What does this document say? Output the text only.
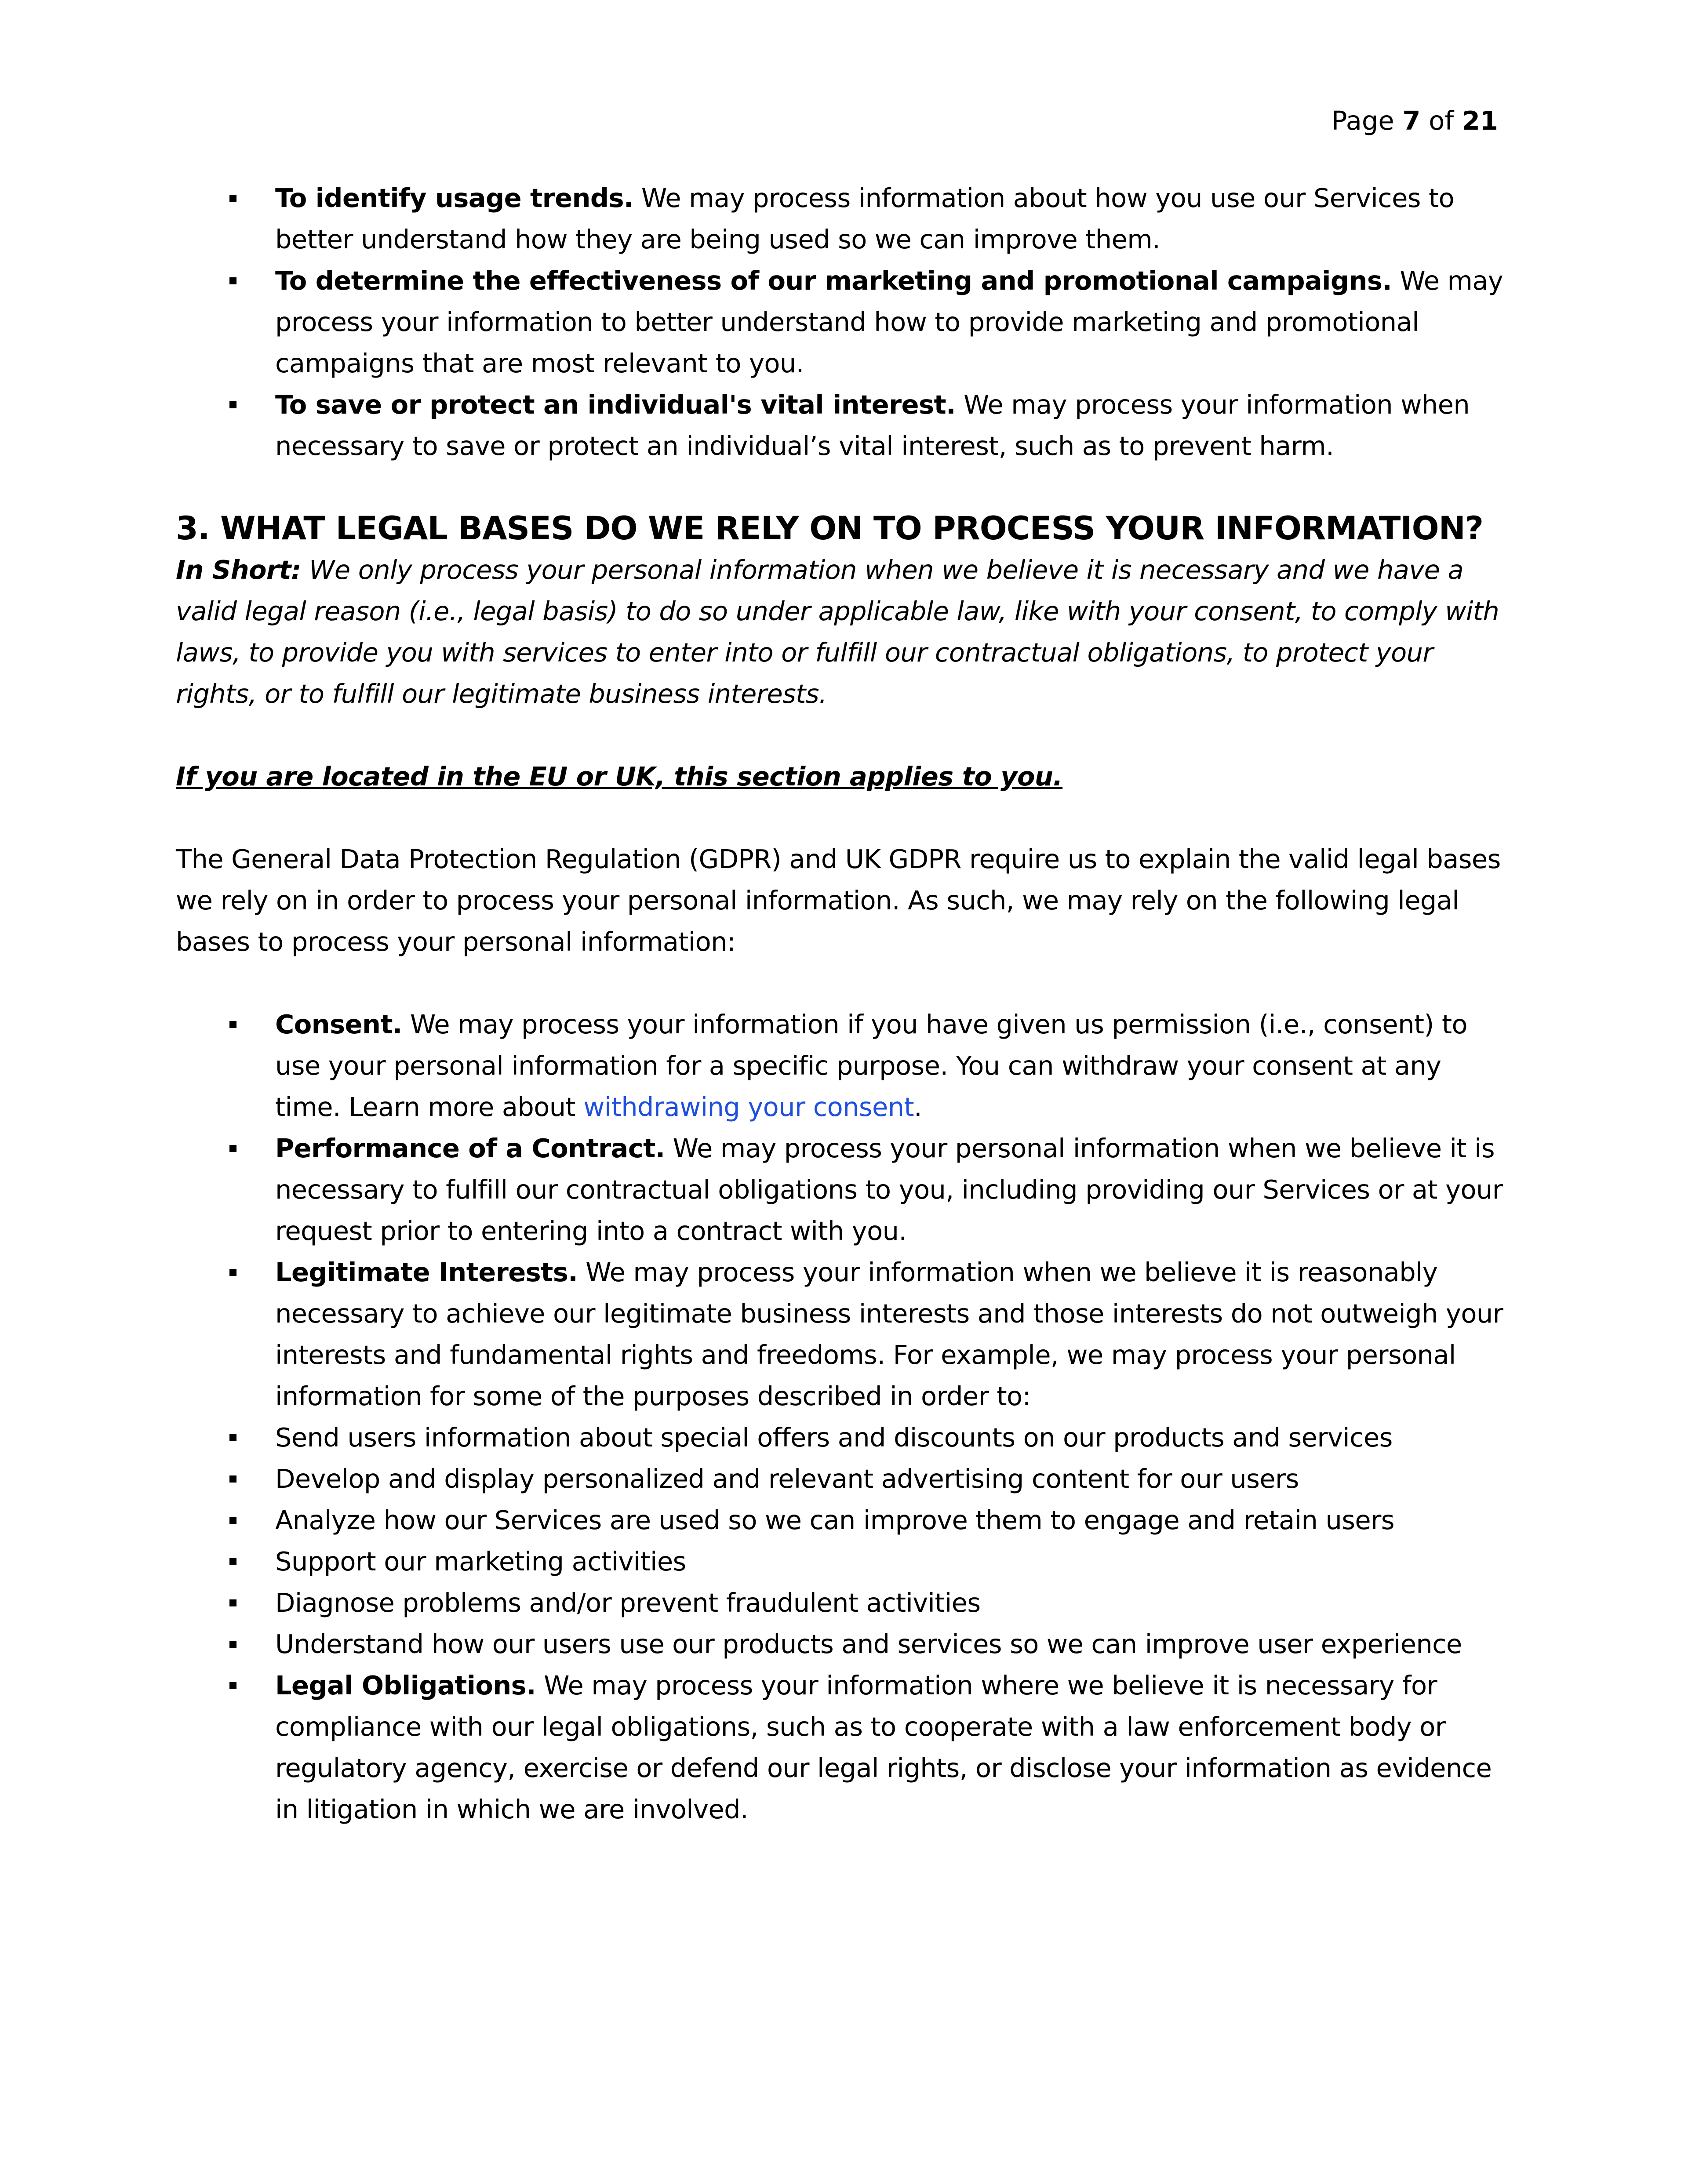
Page 7 of 21
To identify usage trends. We may process information about how you use our Services to better understand how they are being used so we can improve them.
To determine the effectiveness of our marketing and promotional campaigns. We may process your information to better understand how to provide marketing and promotional campaigns that are most relevant to you.
To save or protect an individual's vital interest. We may process your information when necessary to save or protect an individual’s vital interest, such as to prevent harm.
3. WHAT LEGAL BASES DO WE RELY ON TO PROCESS YOUR INFORMATION?

In Short: We only process your personal information when we believe it is necessary and we have a valid legal reason (i.e., legal basis) to do so under applicable law, like with your consent, to comply with laws, to provide you with services to enter into or fulfill our contractual obligations, to protect your rights, or to fulfill our legitimate business interests.

If you are located in the EU or UK, this section applies to you.

The General Data Protection Regulation (GDPR) and UK GDPR require us to explain the valid legal bases we rely on in order to process your personal information. As such, we may rely on the following legal bases to process your personal information:

Consent. We may process your information if you have given us permission (i.e., consent) to use your personal information for a specific purpose. You can withdraw your consent at any time. Learn more about withdrawing your consent.
Performance of a Contract. We may process your personal information when we believe it is necessary to fulfill our contractual obligations to you, including providing our Services or at your request prior to entering into a contract with you.
Legitimate Interests. We may process your information when we believe it is reasonably necessary to achieve our legitimate business interests and those interests do not outweigh your interests and fundamental rights and freedoms. For example, we may process your personal information for some of the purposes described in order to:
Send users information about special offers and discounts on our products and services
Develop and display personalized and relevant advertising content for our users
Analyze how our Services are used so we can improve them to engage and retain users
Support our marketing activities
Diagnose problems and/or prevent fraudulent activities
Understand how our users use our products and services so we can improve user experience
Legal Obligations. We may process your information where we believe it is necessary for compliance with our legal obligations, such as to cooperate with a law enforcement body or regulatory agency, exercise or defend our legal rights, or disclose your information as evidence in litigation in which we are involved.
